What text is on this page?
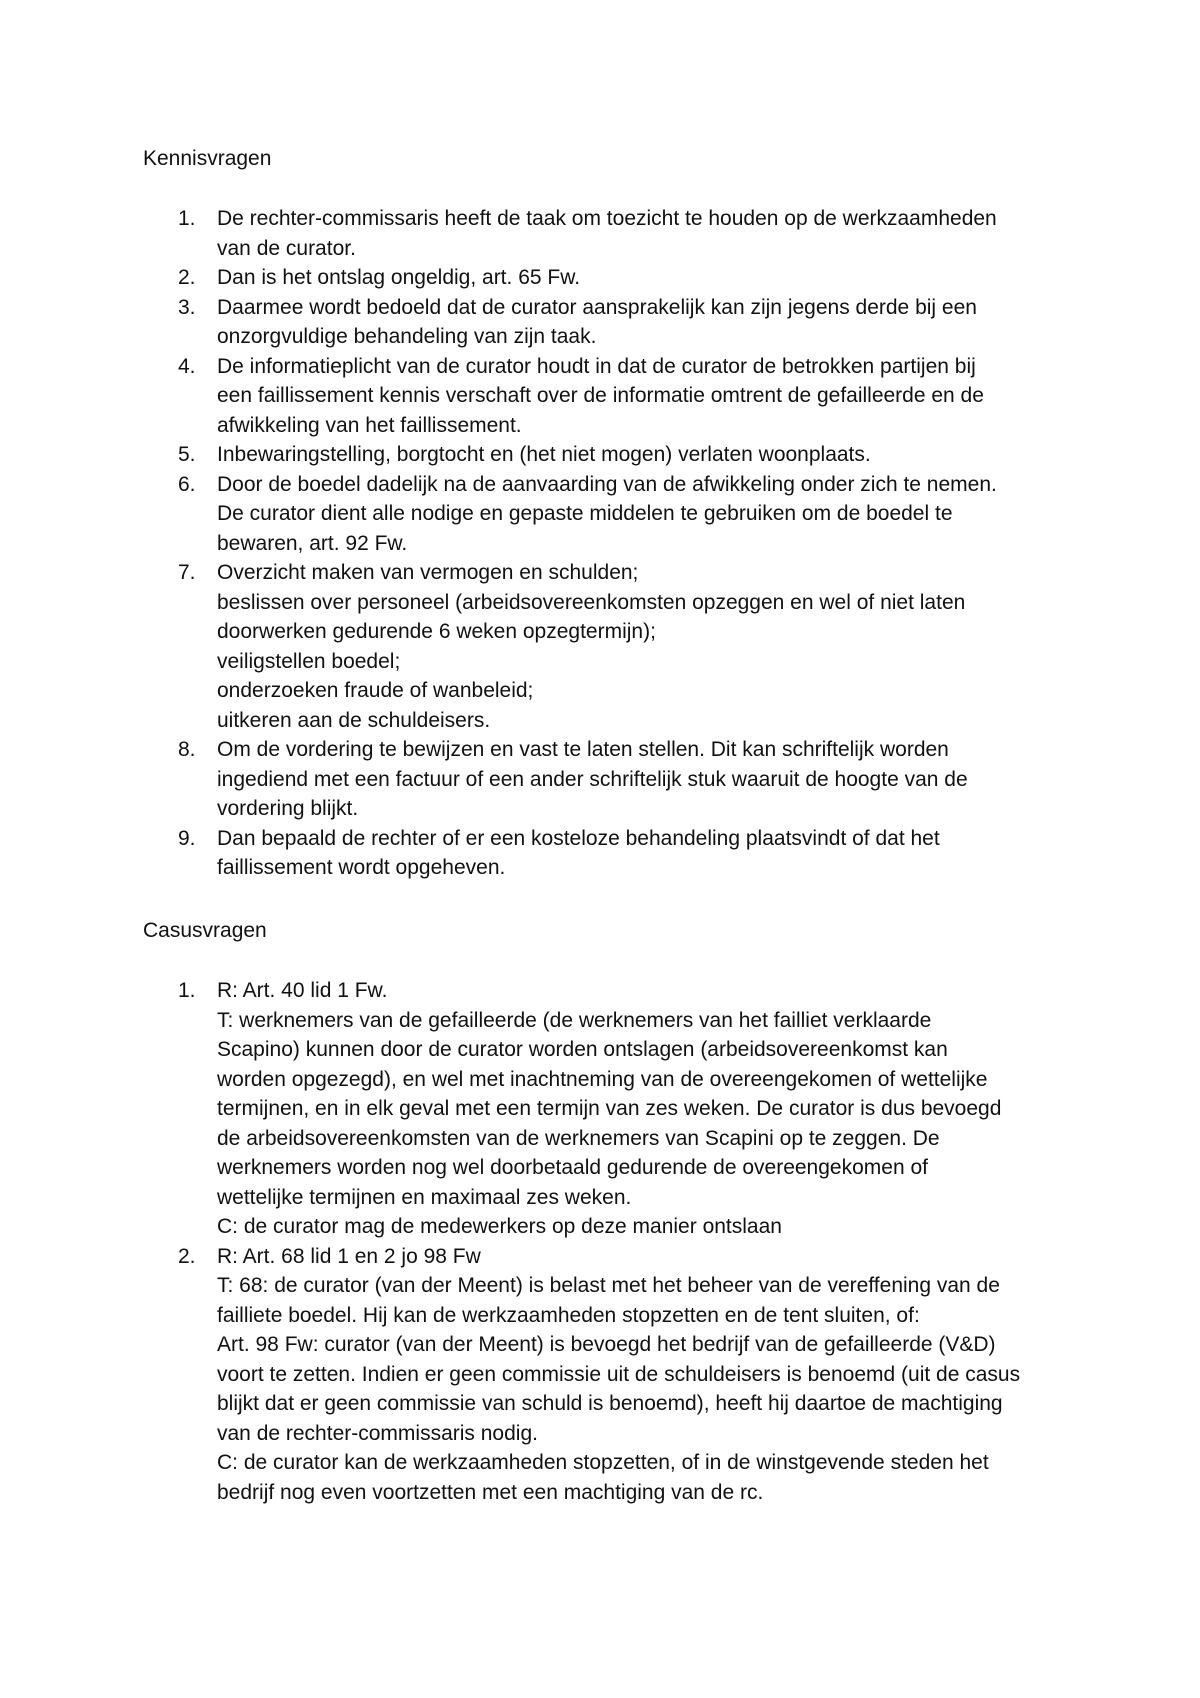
Kennisvragen
1. De rechter-commissaris heeft de taak om toezicht te houden op de werkzaamheden
van de curator.
2. Dan is het ontslag ongeldig, art. 65 Fw.
3. Daarmee wordt bedoeld dat de curator aansprakelijk kan zijn jegens derde bij een
onzorgvuldige behandeling van zijn taak.
4. De informatieplicht van de curator houdt in dat de curator de betrokken partijen bij
een faillissement kennis verschaft over de informatie omtrent de gefailleerde en de
afwikkeling van het faillissement.
5. Inbewaringstelling, borgtocht en (het niet mogen) verlaten woonplaats.
6. Door de boedel dadelijk na de aanvaarding van de afwikkeling onder zich te nemen.
De curator dient alle nodige en gepaste middelen te gebruiken om de boedel te
bewaren, art. 92 Fw.
7. Overzicht maken van vermogen en schulden;
beslissen over personeel (arbeidsovereenkomsten opzeggen en wel of niet laten
doorwerken gedurende 6 weken opzegtermijn);
veiligstellen boedel;
onderzoeken fraude of wanbeleid;
uitkeren aan de schuldeisers.
8. Om de vordering te bewijzen en vast te laten stellen. Dit kan schriftelijk worden
ingediend met een factuur of een ander schriftelijk stuk waaruit de hoogte van de
vordering blijkt.
9. Dan bepaald de rechter of er een kosteloze behandeling plaatsvindt of dat het
faillissement wordt opgeheven.
Casusvragen
1. R: Art. 40 lid 1 Fw.
T: werknemers van de gefailleerde (de werknemers van het failliet verklaarde
Scapino) kunnen door de curator worden ontslagen (arbeidsovereenkomst kan
worden opgezegd), en wel met inachtneming van de overeengekomen of wettelijke
termijnen, en in elk geval met een termijn van zes weken. De curator is dus bevoegd
de arbeidsovereenkomsten van de werknemers van Scapini op te zeggen. De
werknemers worden nog wel doorbetaald gedurende de overeengekomen of
wettelijke termijnen en maximaal zes weken.
C: de curator mag de medewerkers op deze manier ontslaan
2. R: Art. 68 lid 1 en 2 jo 98 Fw
T: 68: de curator (van der Meent) is belast met het beheer van de vereffening van de
failliete boedel. Hij kan de werkzaamheden stopzetten en de tent sluiten, of:
Art. 98 Fw: curator (van der Meent) is bevoegd het bedrijf van de gefailleerde (V&D)
voort te zetten. Indien er geen commissie uit de schuldeisers is benoemd (uit de casus
blijkt dat er geen commissie van schuld is benoemd), heeft hij daartoe de machtiging
van de rechter-commissaris nodig.
C: de curator kan de werkzaamheden stopzetten, of in de winstgevende steden het
bedrijf nog even voortzetten met een machtiging van de rc.
